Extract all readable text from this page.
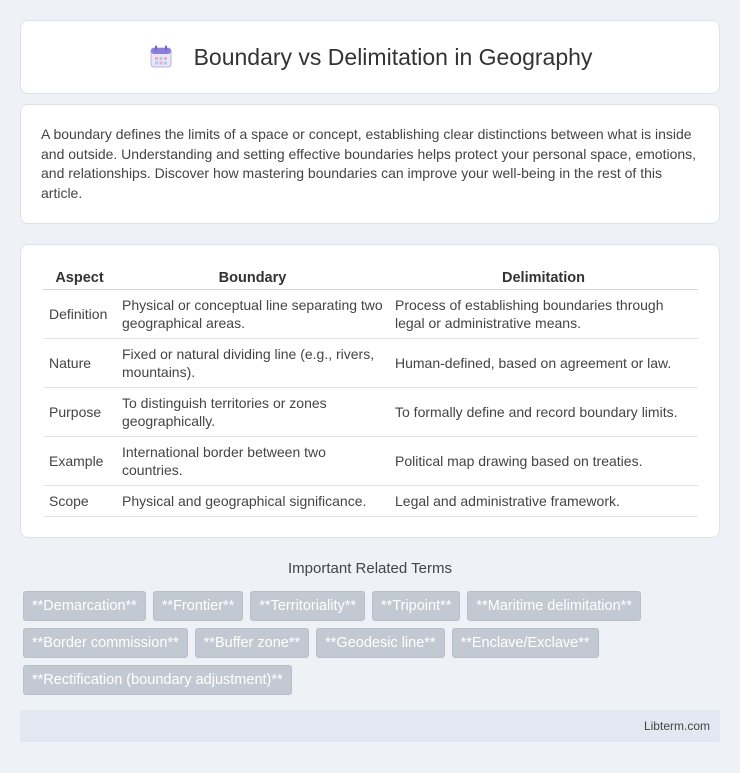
Boundary vs Delimitation in Geography

A boundary defines the limits of a space or concept, establishing clear distinctions between what is inside and outside. Understanding and setting effective boundaries helps protect your personal space, emotions, and relationships. Discover how mastering boundaries can improve your well-being in the rest of this article.

Aspect	Boundary	Delimitation
Definition	Physical or conceptual line separating two geographical areas.	Process of establishing boundaries through legal or administrative means.
Nature	Fixed or natural dividing line (e.g., rivers, mountains).	Human-defined, based on agreement or law.
Purpose	To distinguish territories or zones geographically.	To formally define and record boundary limits.
Example	International border between two countries.	Political map drawing based on treaties.
Scope	Physical and geographical significance.	Legal and administrative framework.
Important Related Terms
**Demarcation**	**Frontier**	**Territoriality**	**Tripoint**	**Maritime delimitation**
**Border commission**	**Buffer zone**	**Geodesic line**	**Enclave/Exclave**
**Rectification (boundary adjustment)**
Libterm.com
